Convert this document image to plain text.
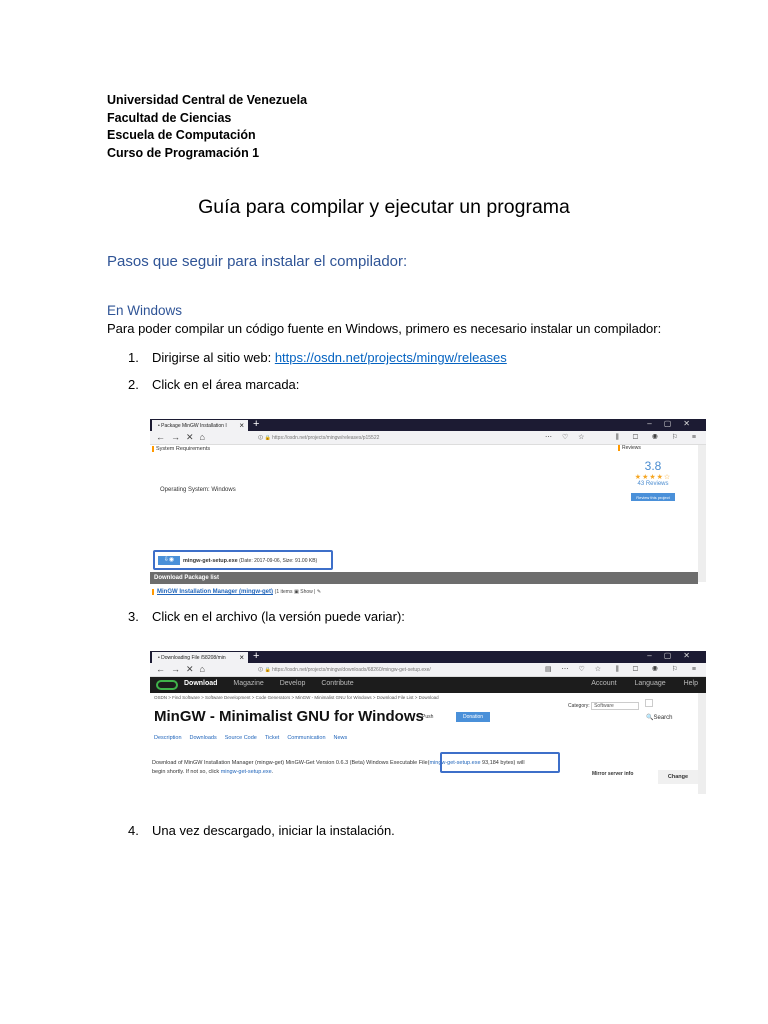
Universidad Central de Venezuela
Facultad de Ciencias
Escuela de Computación
Curso de Programación 1
Guía para compilar y ejecutar un programa
Pasos que seguir para instalar el compilador:
En Windows
Para poder compilar un código fuente en Windows, primero es necesario instalar un compilador:
1. Dirigirse al sitio web: https://osdn.net/projects/mingw/releases
2. Click en el área marcada:
• Package MinGW Installation I × +	–▢✕
←→✕⌂	🛈 🔒 https://osdn.net/projects/mingw/releases/p15522	⋯ ♡ ☆	⫼ ▢ ◉ ⚐ ≡
System Requirements
Operating System: Windows
Reviews
3.8
★★★★☆
43 Reviews
Review this project
⇩◉ mingw-get-setup.exe (Date: 2017-09-06, Size: 91.00 KB)
Download Package list
MinGW Installation Manager (mingw-get) (1 items ▣ Show | ✎
3. Click en el archivo (la versión puede variar):
• Downloading File /58208/min × +	–▢✕
←→✕⌂	🛈 🔒 https://osdn.net/projects/mingw/downloads/68260/mingw-get-setup.exe/	▤ ⋯ ♡ ☆ ⫼ ▢ ◉ ⚐ ≡
Download Magazine Develop Contribute	Account	Language	Help
OSDN > Find Software > Software Development > Code Generators > MinGW - Minimalist GNU for Windows > Download File List > Download
Category: Software
MinGW - Minimalist GNU for Windows
Push	Donation	🔍Search
Description Downloads Source Code Ticket Communication News
Download of MinGW Installation Manager (mingw-get) MinGW-Get Version 0.6.3 (Beta) Windows Executable File(mingw-get-setup.exe 93,184 bytes) will
begin shortly. If not so, click mingw-get-setup.exe.	Mirror server info	Change
4. Una vez descargado, iniciar la instalación.
